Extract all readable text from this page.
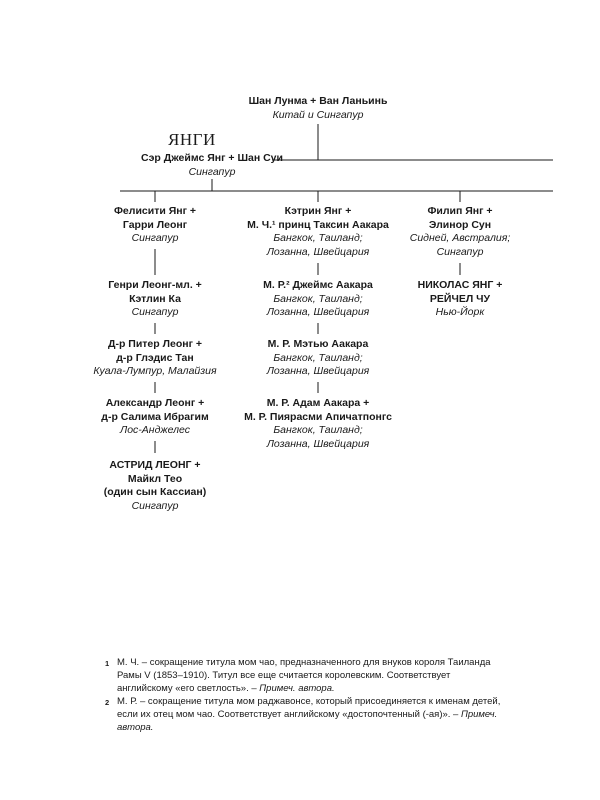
Шан Лунма + Ван Ланьинь
Китай и Сингапур
ЯНГИ
Сэр Джеймс Янг + Шан Суи
Сингапур
Фелисити Янг +
Гарри Леонг
Сингапур
Генри Леонг-мл. +
Кэтлин Ка
Сингапур
Д-р Питер Леонг +
д-р Глэдис Тан
Куала-Лумпур, Малайзия
Александр Леонг +
д-р Салима Ибрагим
Лос-Анджелес
АСТРИД ЛЕОНГ +
Майкл Тео
(один сын Кассиан)
Сингапур
Кэтрин Янг +
М. Ч.¹ принц Таксин Аакара
Бангкок, Таиланд;
Лозанна, Швейцария
М. Р.² Джеймс Аакара
Бангкок, Таиланд;
Лозанна, Швейцария
М. Р. Мэтью Аакара
Бангкок, Таиланд;
Лозанна, Швейцария
М. Р. Адам Аакара +
М. Р. Пиярасми Апичатпонгс
Бангкок, Таиланд;
Лозанна, Швейцария
Филип Янг +
Элинор Сун
Сидней, Австралия;
Сингапур
НИКОЛАС ЯНГ +
РЕЙЧЕЛ ЧУ
Нью-Йорк

1 М. Ч. – сокращение титула мом чао, предназначенного для внуков короля Таиланда Рамы V (1853–1910). Титул все еще считается королевским. Соответствует английскому «его светлость». – Примеч. автора.

2 М. Р. – сокращение титула мом раджавонсе, который присоединяется к именам детей, если их отец мом чао. Соответствует английскому «достопочтенный (-ая)». – Примеч. автора.
